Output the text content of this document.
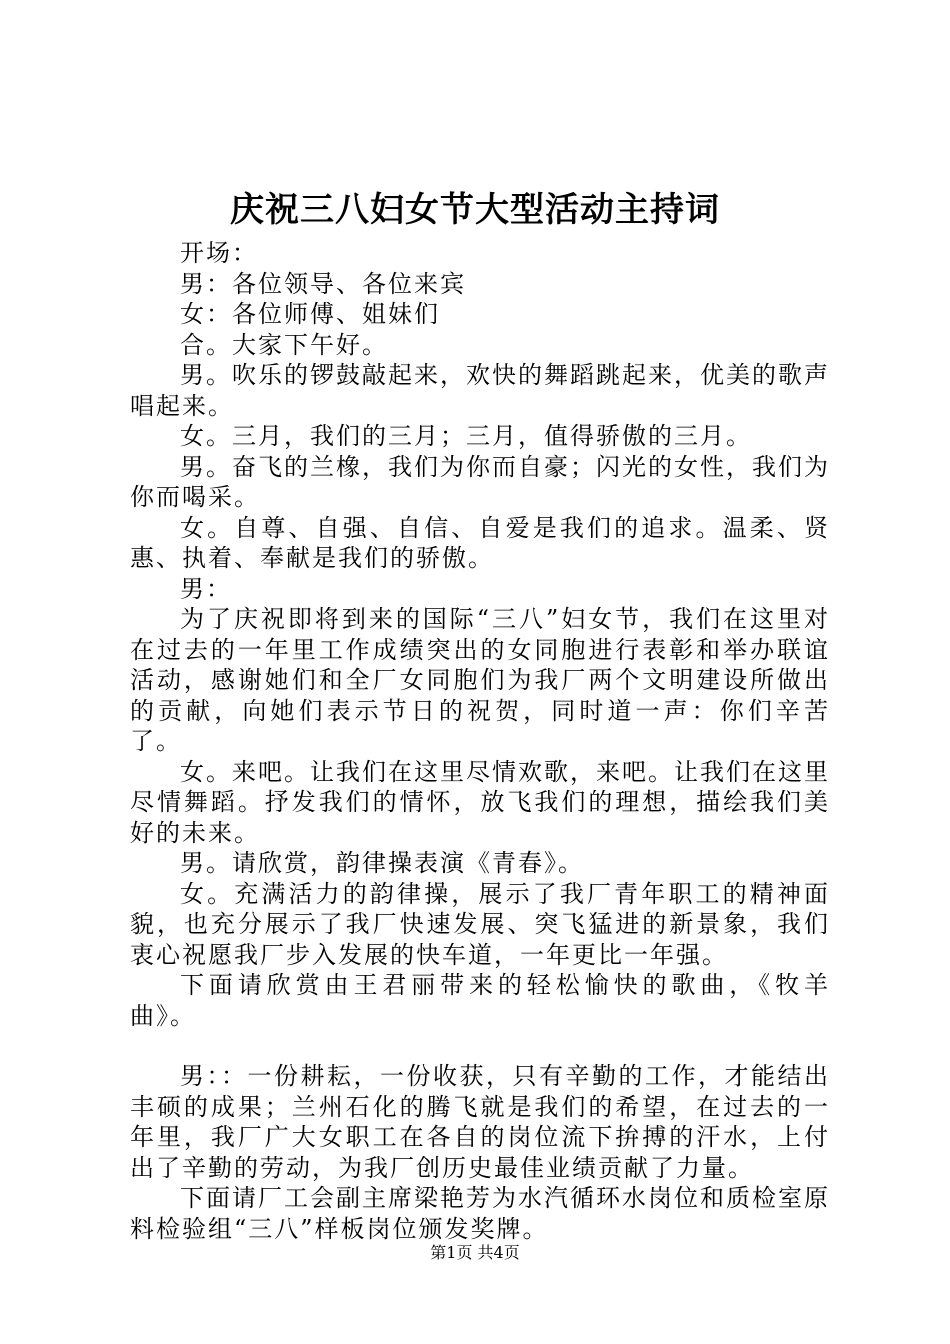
庆祝三八妇女节大型活动主持词

开场：

男：各位领导、各位来宾

女：各位师傅、姐妹们

合。大家下午好。

男。吹乐的锣鼓敲起来，欢快的舞蹈跳起来，优美的歌声唱起来。

女。三月，我们的三月；三月，值得骄傲的三月。

男。奋飞的兰橡，我们为你而自豪；闪光的女性，我们为你而喝采。

女。自尊、自强、自信、自爱是我们的追求。温柔、贤惠、执着、奉献是我们的骄傲。

男：

为了庆祝即将到来的国际“三八”妇女节，我们在这里对在过去的一年里工作成绩突出的女同胞进行表彰和举办联谊活动，感谢她们和全厂女同胞们为我厂两个文明建设所做出的贡献，向她们表示节日的祝贺，同时道一声：你们辛苦了。

女。来吧。让我们在这里尽情欢歌，来吧。让我们在这里尽情舞蹈。抒发我们的情怀，放飞我们的理想，描绘我们美好的未来。

男。请欣赏，韵律操表演《青春》。

女。充满活力的韵律操，展示了我厂青年职工的精神面貌，也充分展示了我厂快速发展、突飞猛进的新景象，我们衷心祝愿我厂步入发展的快车道，一年更比一年强。

下面请欣赏由王君丽带来的轻松愉快的歌曲，《牧羊曲》。

男：：一份耕耘，一份收获，只有辛勤的工作，才能结出丰硕的成果；兰州石化的腾飞就是我们的希望，在过去的一年里，我厂广大女职工在各自的岗位流下拚搏的汗水，上付出了辛勤的劳动，为我厂创历史最佳业绩贡献了力量。

下面请厂工会副主席梁艳芳为水汽循环水岗位和质检室原料检验组“三八”样板岗位颁发奖牌。

第1页 共4页
